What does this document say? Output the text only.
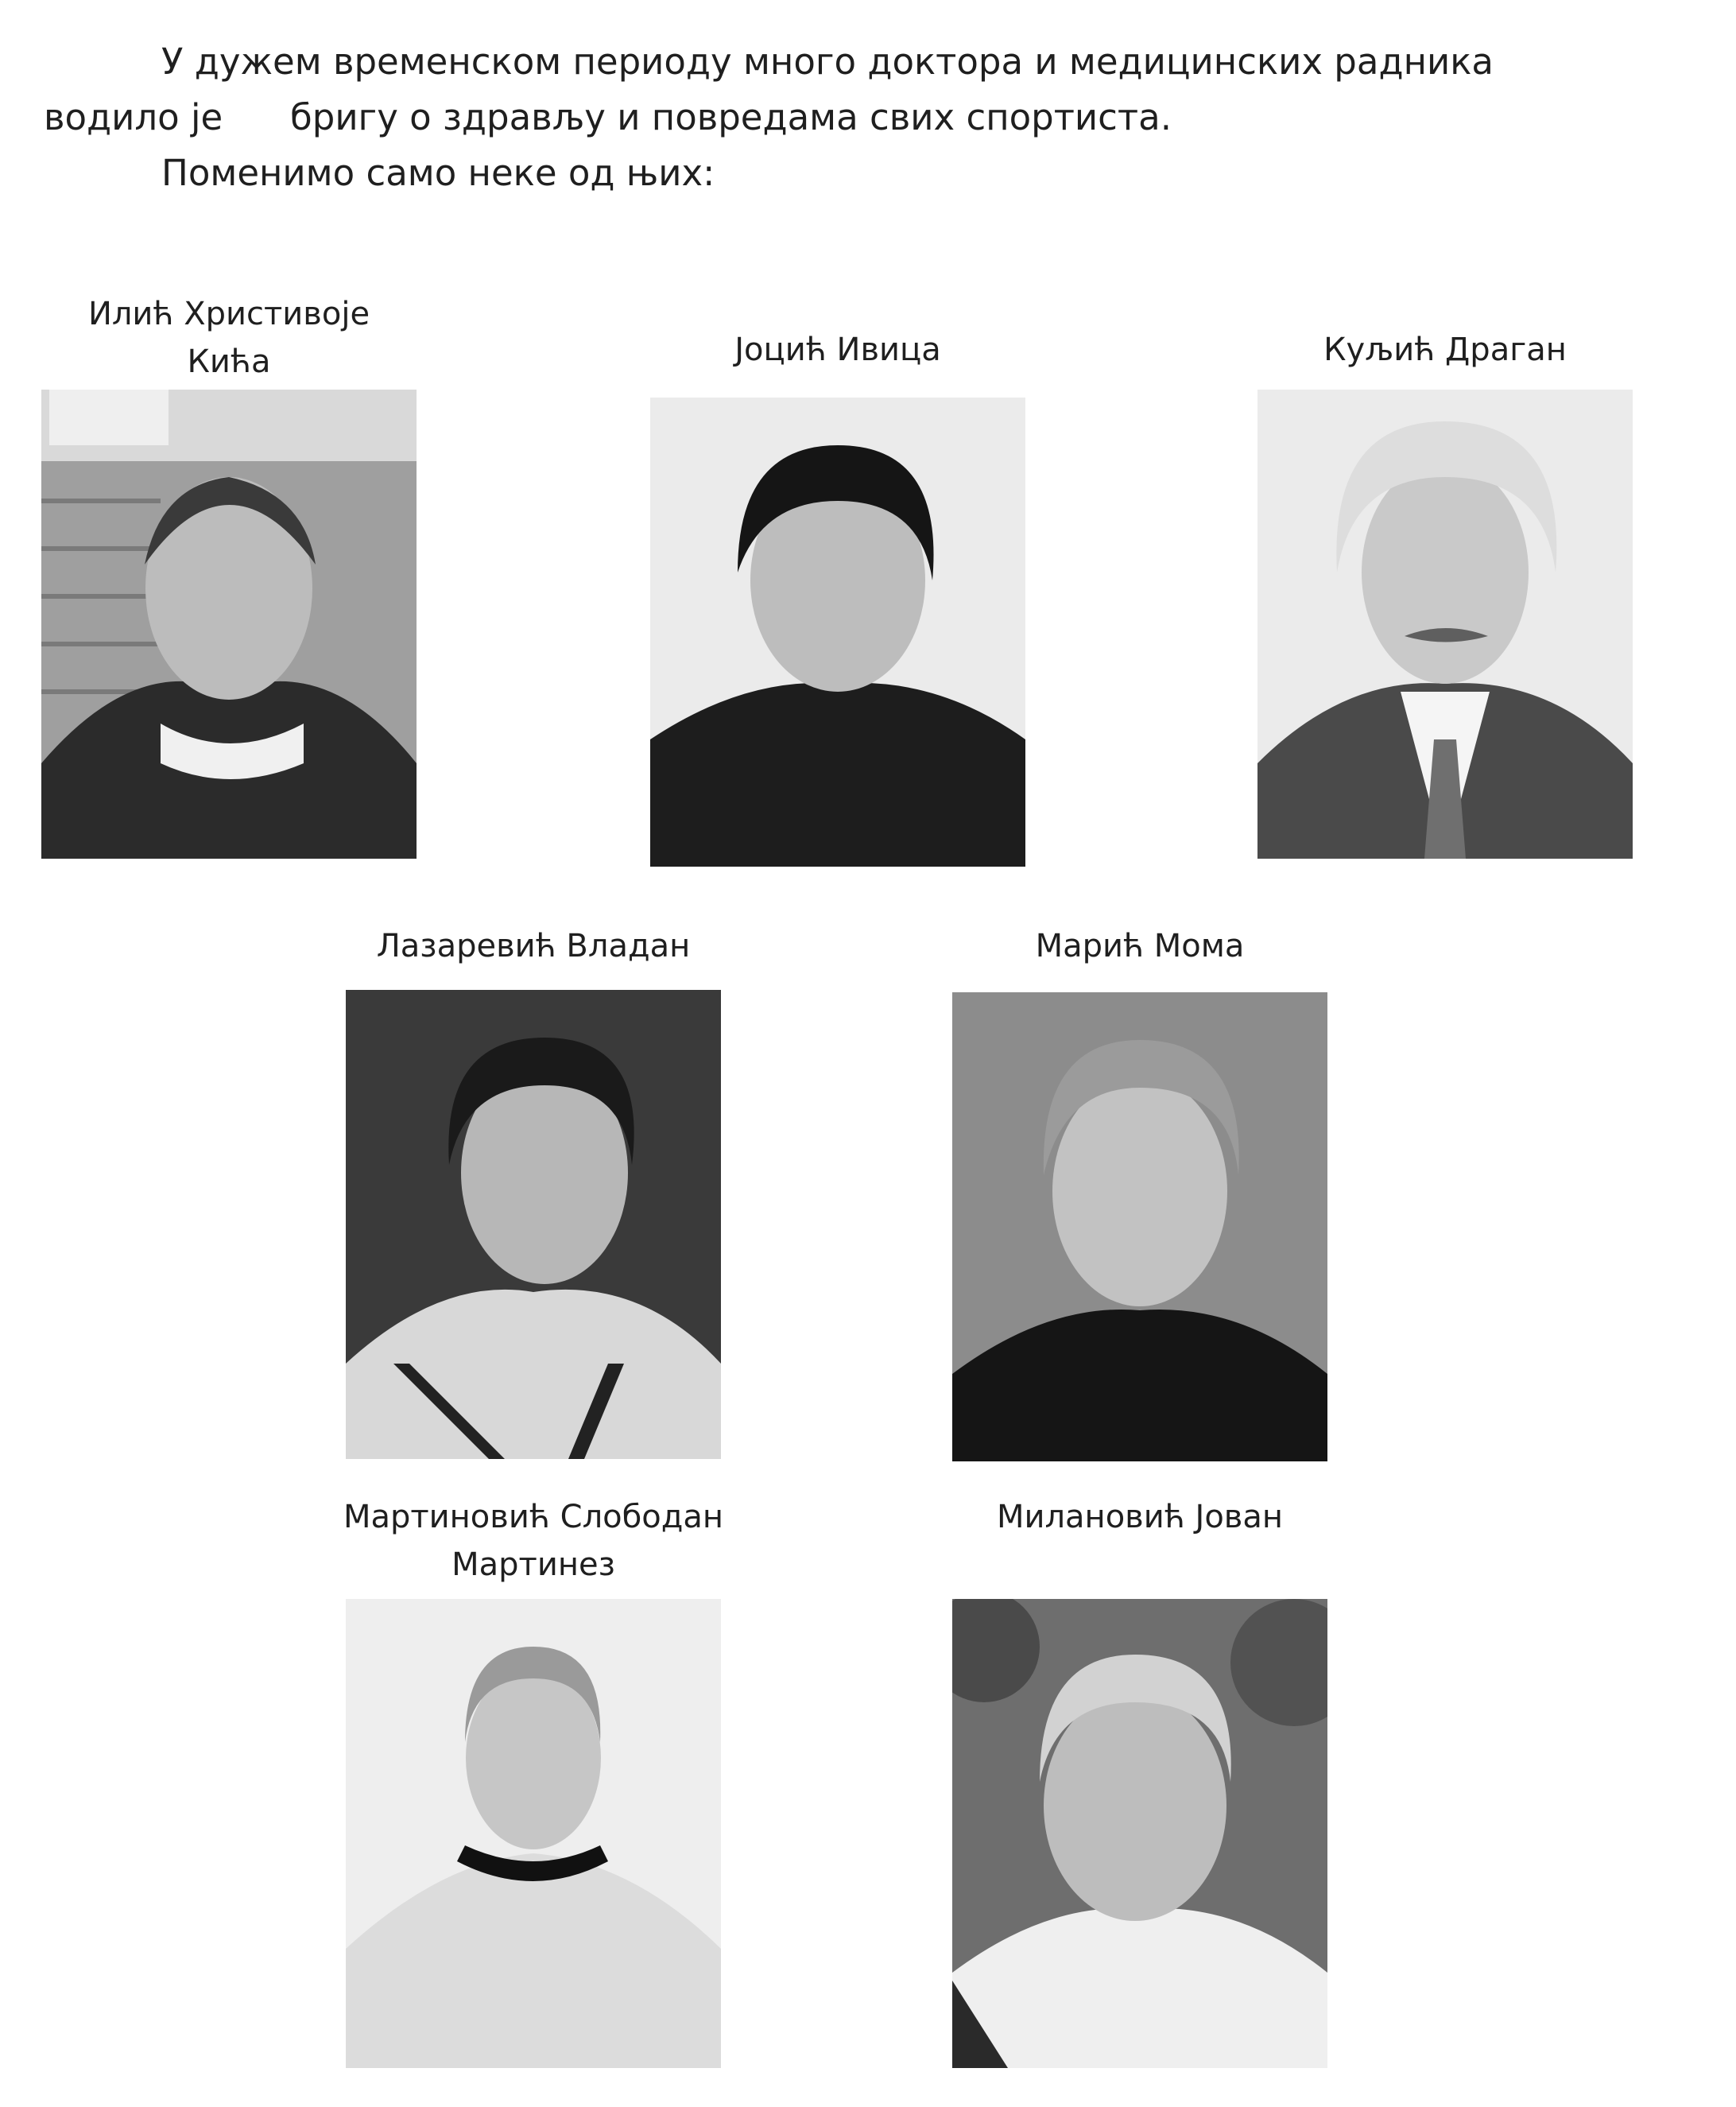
У дужем временском периоду много доктора и медицинских радника
водило је бригу о здрављу и повредама свих спортиста.
Поменимо само неке од њих:
Илић Христивоје
Кића	Јоцић Ивица	Куљић Драган
Лазаревић Владан	Марић Мома
Мартиновић Слободан
Мартинез
Милановић Јован
